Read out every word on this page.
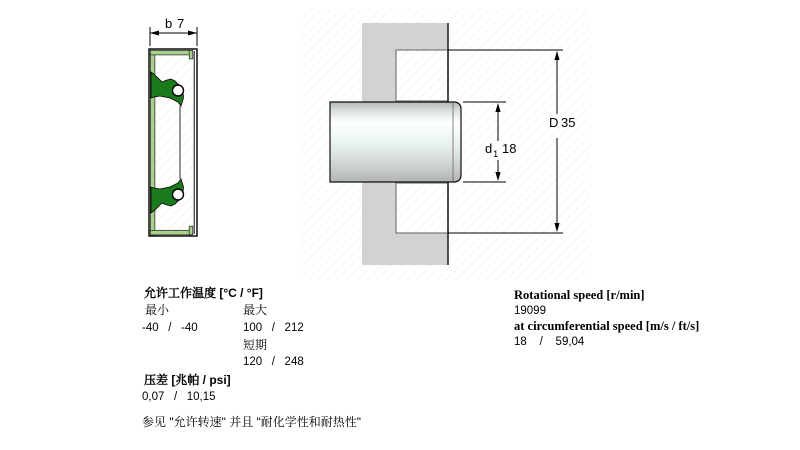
b 7
d 1 18
D 35
允许工作温度 [°C / °F]
最小	最大
-40   /   -40	100   /   212
短期
120   /   248
压差 [兆帕 / psi]
0,07   /   10,15
参见 "允许转速" 并且 "耐化学性和耐热性"
Rotational speed [r/min]
19099
at circumferential speed [m/s / ft/s]
18    /    59,04
